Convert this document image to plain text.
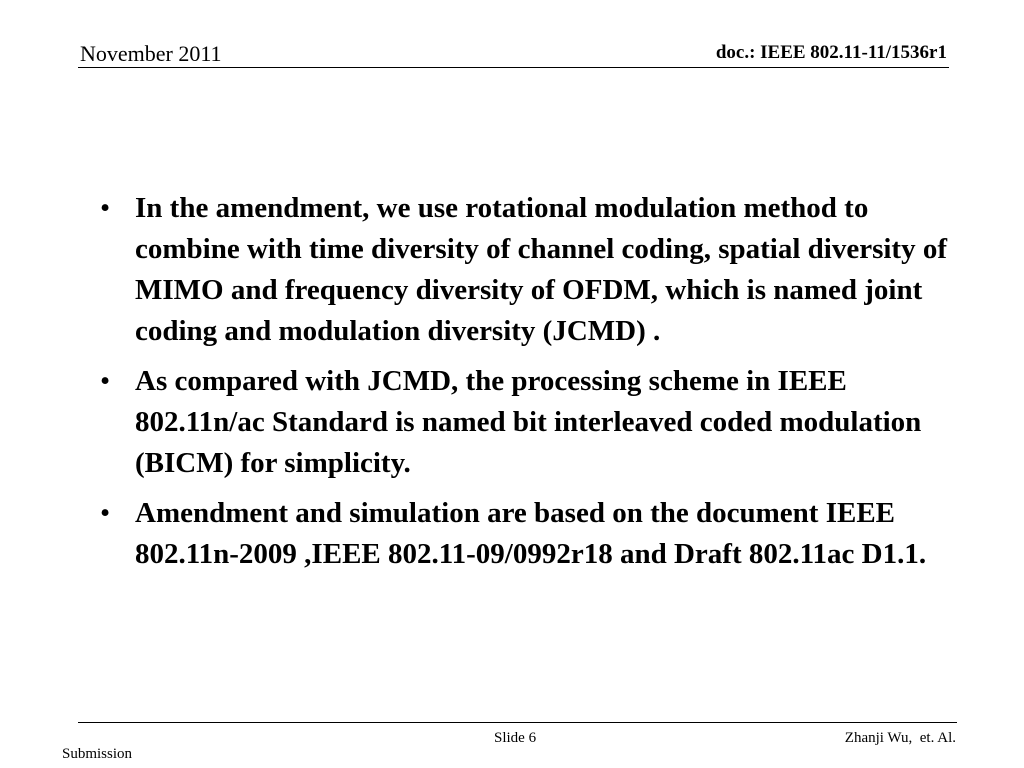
November 2011	doc.: IEEE 802.11-11/1536r1
• In the amendment, we use rotational modulation method to combine with time diversity of channel coding, spatial diversity of MIMO and frequency diversity of OFDM, which is named joint coding and modulation diversity (JCMD) .
• As compared with JCMD, the processing scheme in IEEE 802.11n/ac Standard is named bit interleaved coded modulation (BICM) for simplicity.
• Amendment and simulation are based on the document IEEE 802.11n-2009 ,IEEE 802.11-09/0992r18 and Draft 802.11ac D1.1.
Slide 6	Zhanji Wu,  et. Al.
Submission
